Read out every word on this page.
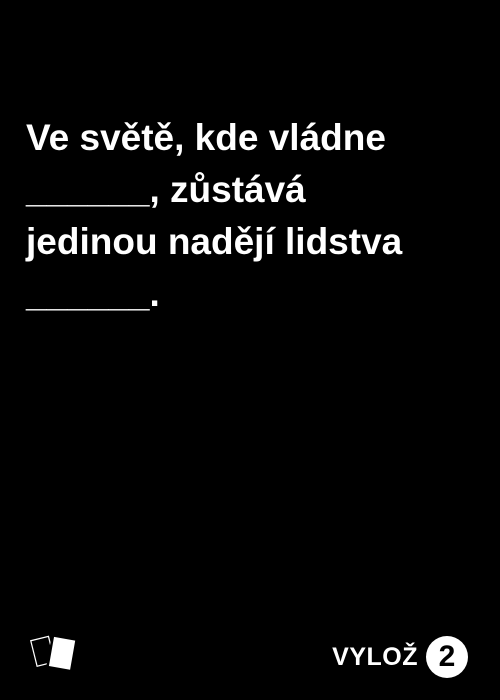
Ve světě, kde vládne
______, zůstává
jedinou nadějí lidstva
______.

VYLOŽ 2
